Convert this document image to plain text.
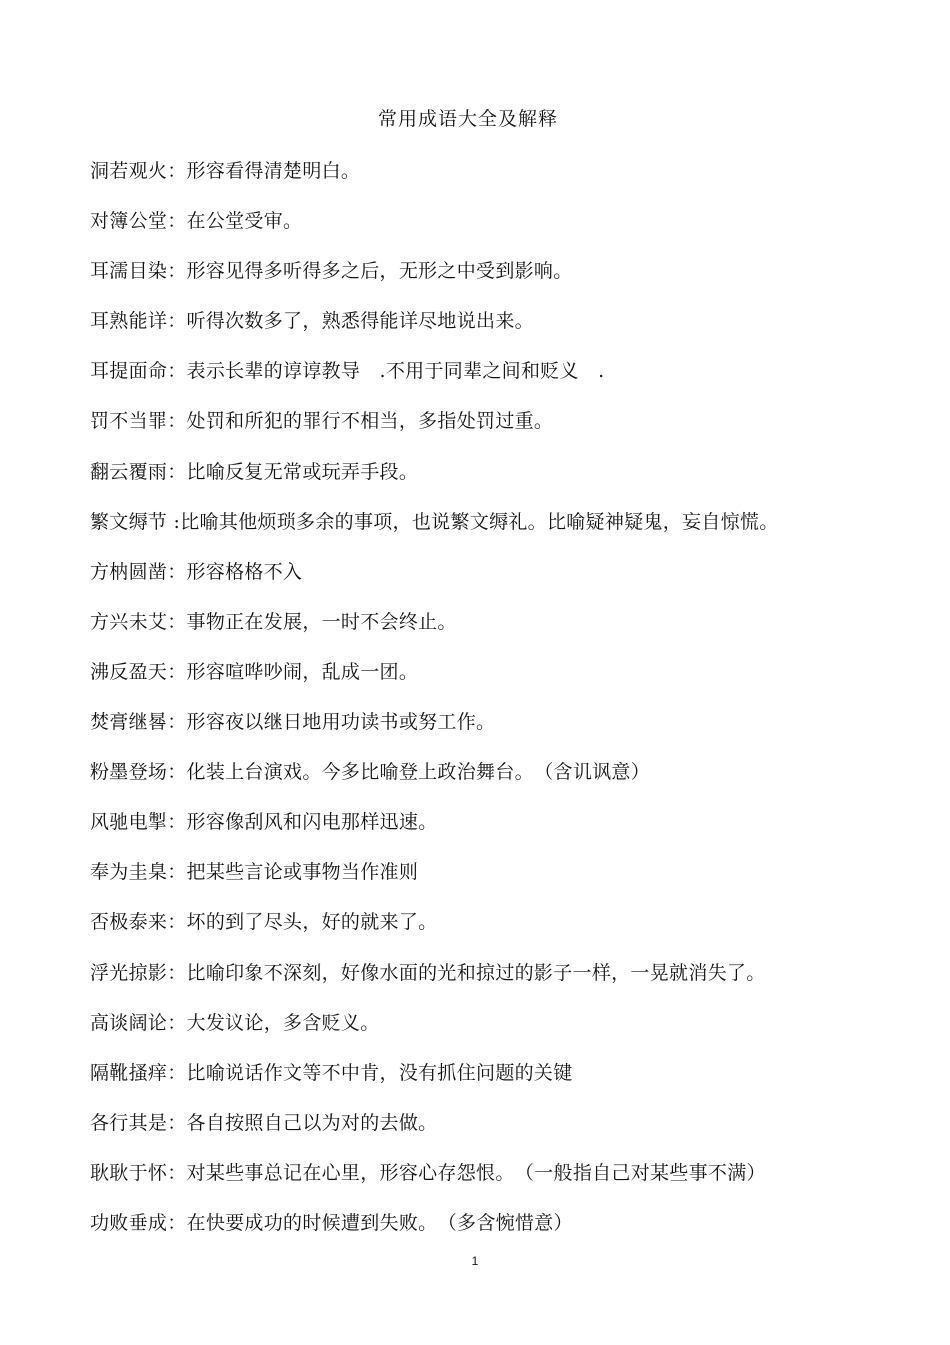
常用成语大全及解释
洞若观火：形容看得清楚明白。
对簿公堂：在公堂受审。
耳濡目染：形容见得多听得多之后，无形之中受到影响。
耳熟能详：听得次数多了，熟悉得能详尽地说出来。
耳提面命：表示长辈的谆谆教导　.不用于同辈之间和贬义　.
罚不当罪：处罚和所犯的罪行不相当，多指处罚过重。
翻云覆雨：比喻反复无常或玩弄手段。
繁文缛节 :比喻其他烦琐多余的事项，也说繁文缛礼。比喻疑神疑鬼，妄自惊慌。
方枘圆凿：形容格格不入
方兴未艾：事物正在发展，一时不会终止。
沸反盈天：形容喧哗吵闹，乱成一团。
焚膏继晷：形容夜以继日地用功读书或努工作。
粉墨登场：化装上台演戏。今多比喻登上政治舞台。　（含讥讽意）
风驰电掣：形容像刮风和闪电那样迅速。
奉为圭臬：把某些言论或事物当作准则
否极泰来：坏的到了尽头，好的就来了。
浮光掠影：比喻印象不深刻，好像水面的光和掠过的影子一样，一晃就消失了。
高谈阔论：大发议论，多含贬义。
隔靴搔痒：比喻说话作文等不中肯，没有抓住问题的关键
各行其是：各自按照自己以为对的去做。
耿耿于怀：对某些事总记在心里，形容心存怨恨。　（一般指自己对某些事不满）
功败垂成：在快要成功的时候遭到失败。　（多含惋惜意）
1
